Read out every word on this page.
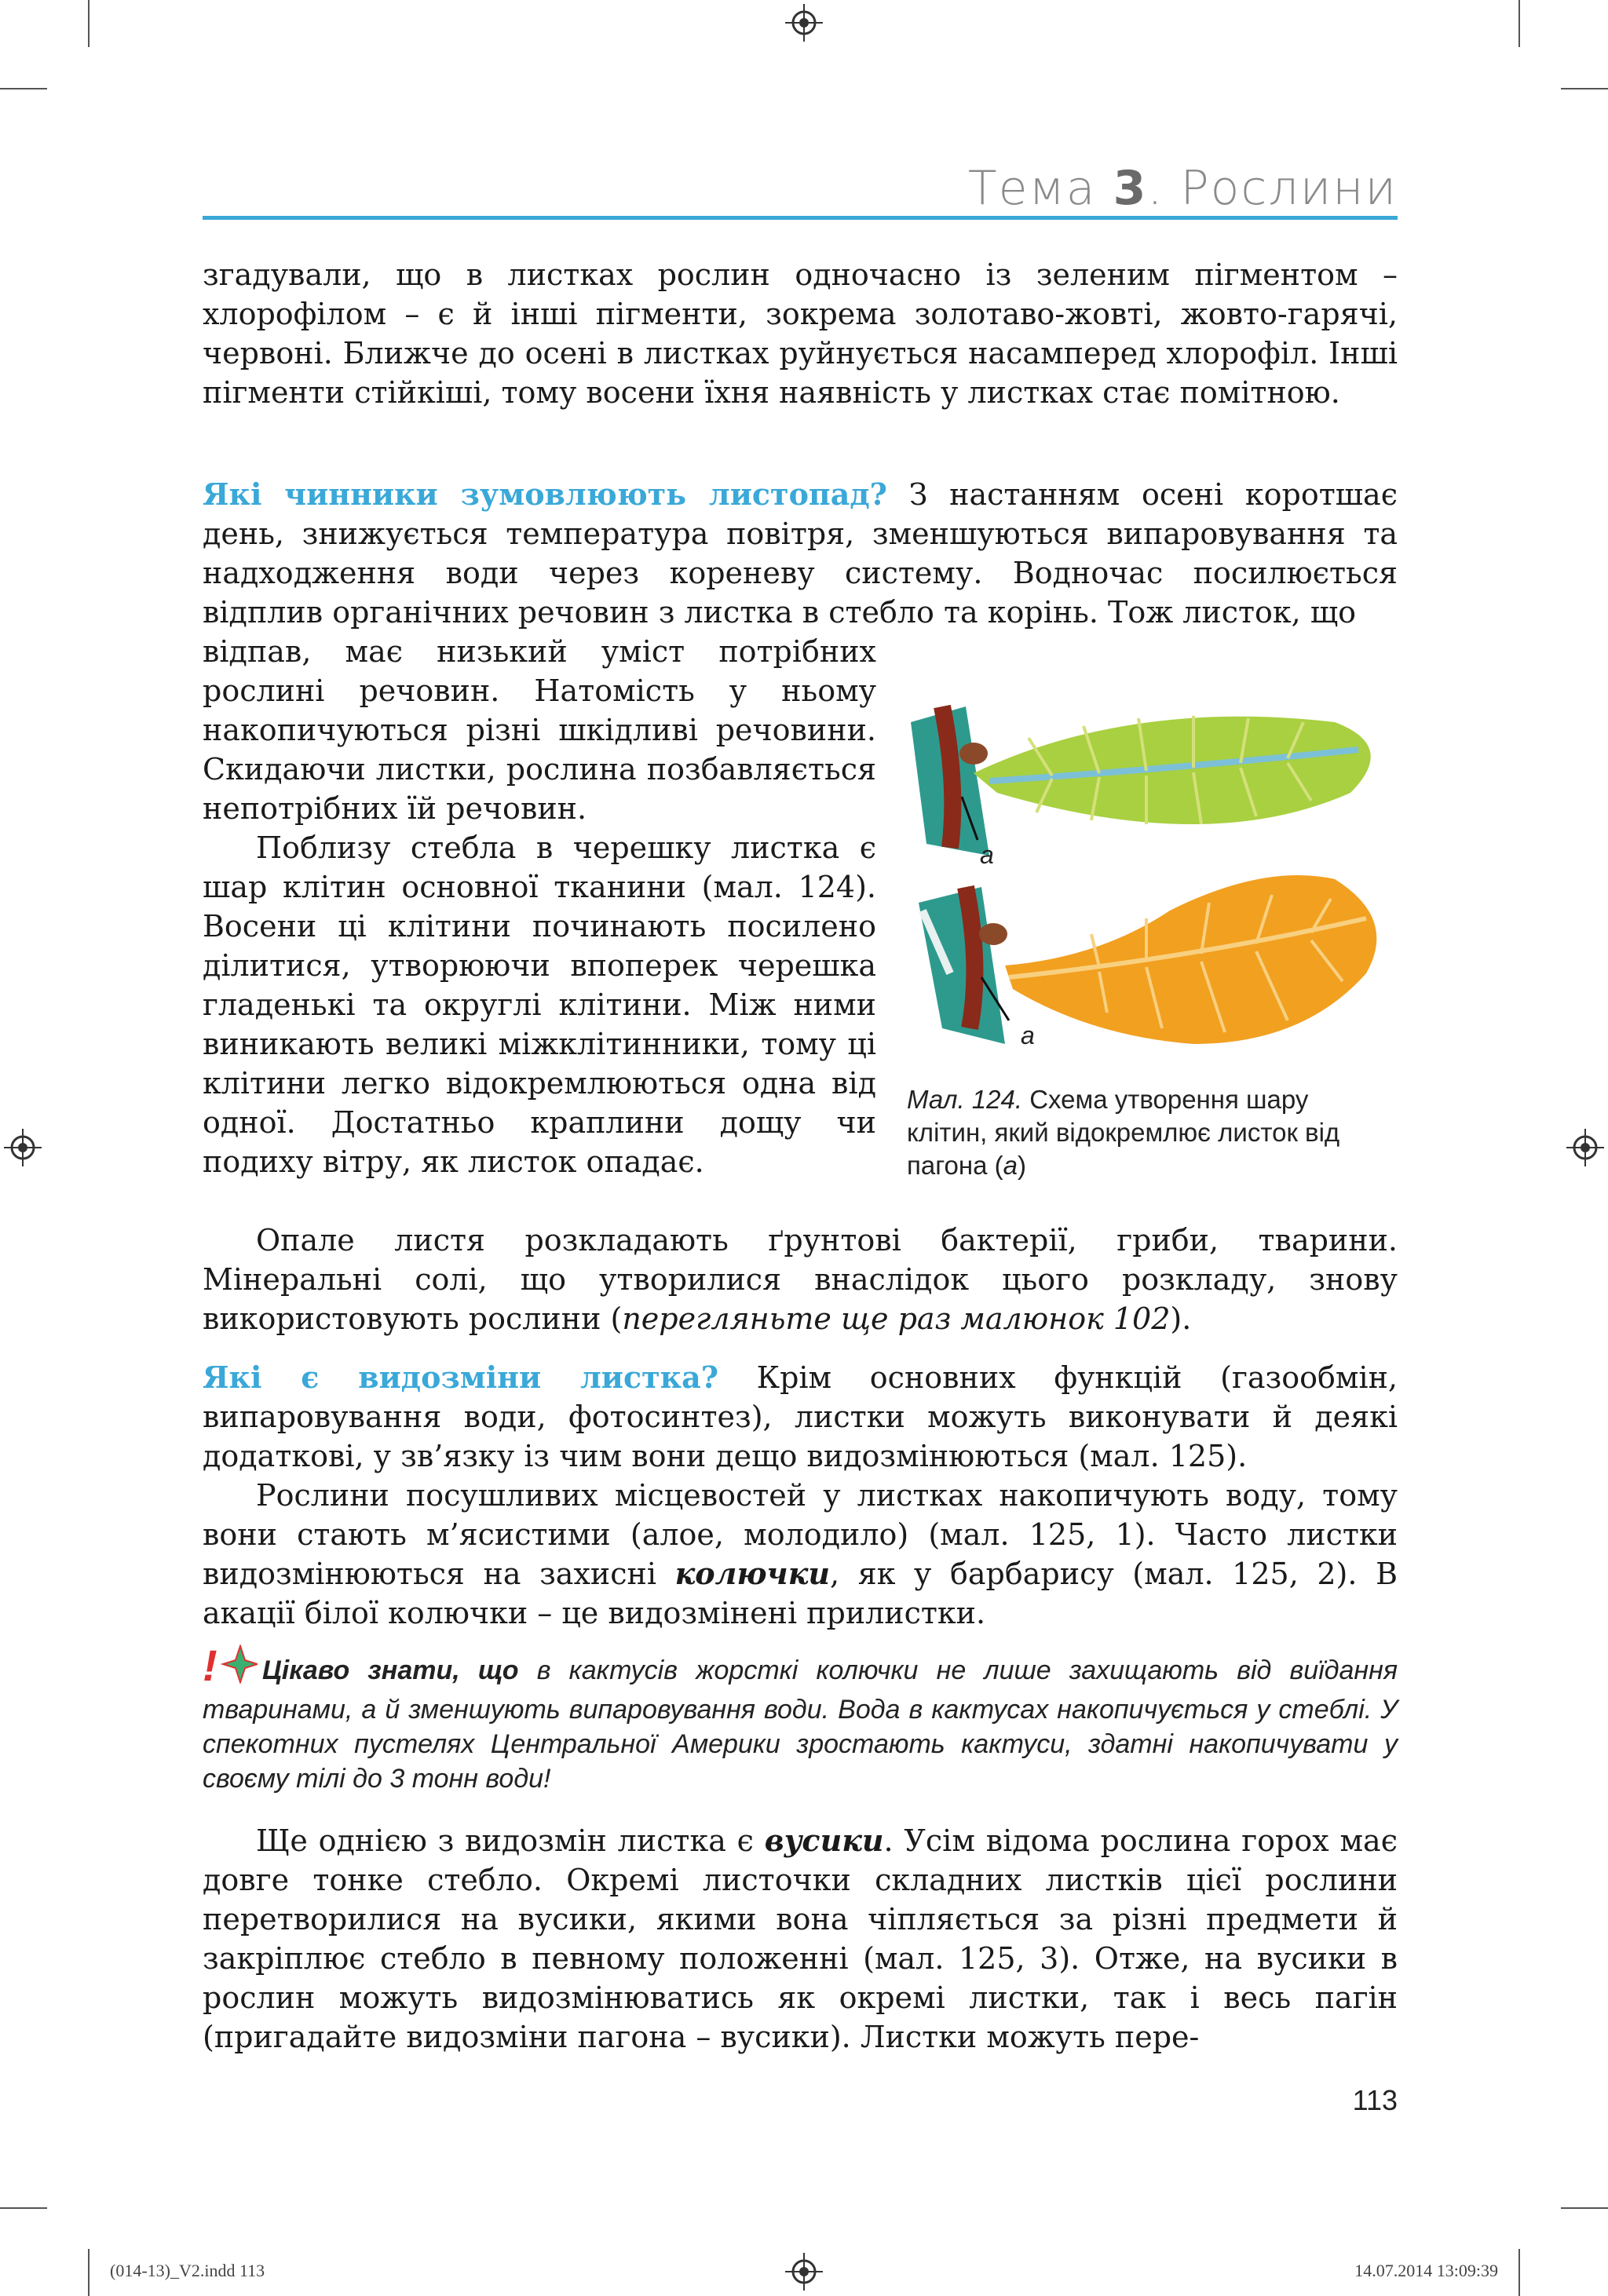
Тема 3. Рослини

згадували, що в листках рослин одночасно із зеленим пігментом – хлорофілом – є й інші пігменти, зокрема золотаво-жовті, жовто-гарячі, червоні. Ближче до осені в листках руйнується насамперед хлорофіл. Інші пігменти стійкіші, тому восени їхня наявність у листках стає помітною.

Які чинники зумовлюють листопад? З настанням осені коротшає день, знижується температура повітря, зменшуються випаровування та надходження води через кореневу систему. Водночас посилюється відплив органічних речовин з листка в стебло та корінь. Тож листок, що

відпав, має низький уміст потрібних рослині речовин. Натомість у ньому накопичуються різні шкідливі речовини. Скидаючи листки, рослина позбавляється непотрібних їй речовин.

Поблизу стебла в черешку листка є шар клітин основної тканини (мал. 124). Восени ці клітини починають посилено ділитися, утворюючи впоперек черешка гладенькі та округлі клітини. Між ними виникають великі міжклітинники, тому ці клітини легко відокремлюються одна від одної. Достатньо краплини дощу чи подиху вітру, як листок опадає.

Опале листя розкладають ґрунтові бактерії, гриби, тварини. Мінеральні солі, що утворилися внаслідок цього розкладу, знову використовують рослини (перегляньте ще раз малюнок 102).

Які є видозміни листка? Крім основних функцій (газообмін, випаровування води, фотосинтез), листки можуть виконувати й деякі додаткові, у зв’язку із чим вони дещо видозмінюються (мал. 125).

Рослини посушливих місцевостей у листках накопичують воду, тому вони стають м’ясистими (алое, молодило) (мал. 125, 1). Часто листки видозмінюються на захисні колючки, як у барбарису (мал. 125, 2). В акації білої колючки – це видозмінені прилистки.

а
а
Мал. 124. Схема утворення шару клітин, який відокремлює листок від пагона (а)
! Цікаво знати, що в кактусів жорсткі колючки не лише захищають від виїдання тваринами, а й зменшують випаровування води. Вода в кактусах накопичується у стеблі. У спекотних пустелях Центральної Америки зростають кактуси, здатні накопичувати у своєму тілі до 3 тонн води!

Ще однією з видозмін листка є вусики. Усім відома рослина горох має довге тонке стебло. Окремі листочки складних листків цієї рослини перетворилися на вусики, якими вона чіпляється за різні предмети й закріплює стебло в певному положенні (мал. 125, 3). Отже, на вусики в рослин можуть видозмінюватись як окремі листки, так і весь пагін (пригадайте видозміни пагона – вусики). Листки можуть пере-

113
(014-13)_V2.indd 113	14.07.2014 13:09:39
